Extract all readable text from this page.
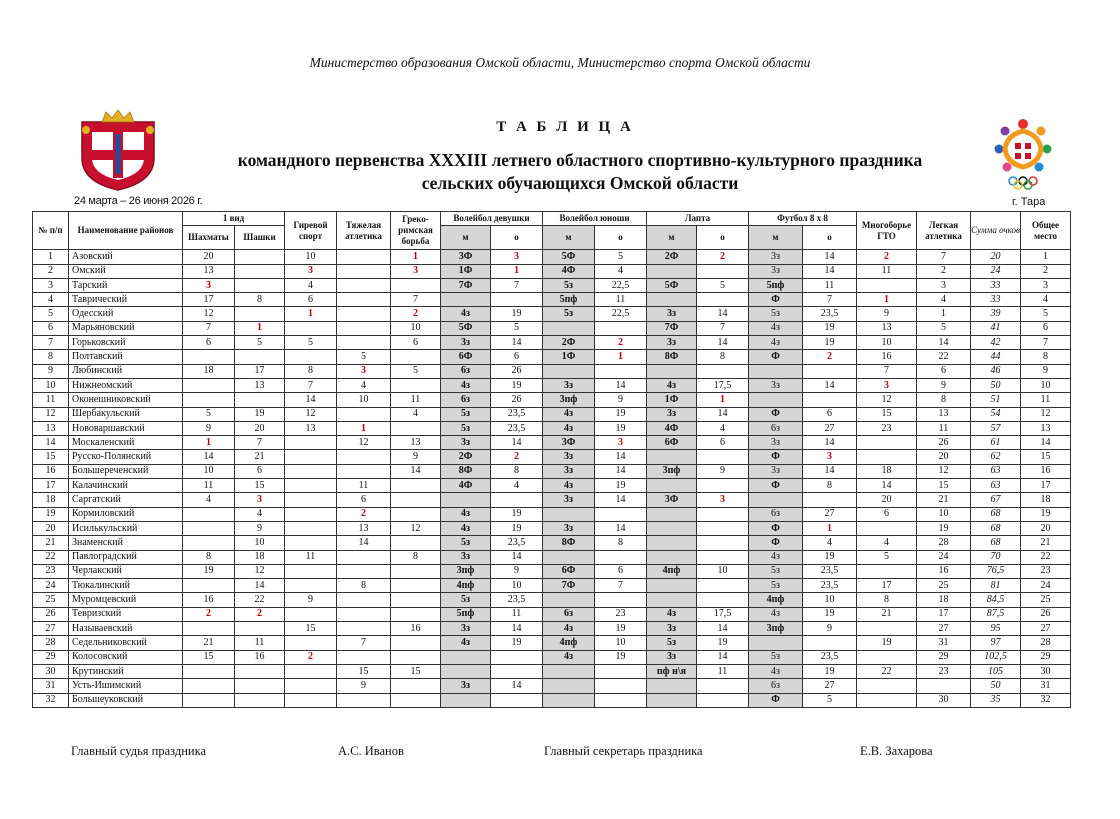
Министерство образования Омской области, Министерство спорта Омской области
Т А Б Л И Ц А
командного первенства XXXIII летнего областного спортивно-культурного праздника
сельских обучающихся Омской области
24 марта – 26 июня 2026 г.	г. Тара
№ п/п	Наименование районов	1 вид		Гиревой спорт	Тяжелая атлетика	Греко-римская борьба	Волейбол девушки		Волейбол юноши		Лапта		Футбол 8 х 8		Многоборье ГТО	Легкая атлетика	Сумма очков	Общее место
		Шахматы	Шашки				м	о	м	о	м	о	м	о				
1	Азовский	20		10		1	3Ф	3	5Ф	5	2Ф	2	3з	14	2	7	20	1
2	Омский	13		3		3	1Ф	1	4Ф	4			3з	14	11	2	24	2
3	Тарский	3		4			7Ф	7	5з	22,5	5Ф	5	5пф	11		3	33	3
4	Таврический	17	8	6		7			5пф	11			Ф	7	1	4	33	4
5	Одесский	12		1		2	4з	19	5з	22,5	3з	14	5з	23,5	9	1	39	5
6	Марьяновский	7	1			10	5Ф	5			7Ф	7	4з	19	13	5	41	6
7	Горьковский	6	5	5		6	3з	14	2Ф	2	3з	14	4з	19	10	14	42	7
8	Полтавский				5		6Ф	6	1Ф	1	8Ф	8	Ф	2	16	22	44	8
9	Любинский	18	17	8	3	5	6з	26							7	6	46	9
10	Нижнеомский		13	7	4		4з	19	3з	14	4з	17,5	3з	14	3	9	50	10
11	Оконешниковский			14	10	11	6з	26	3пф	9	1Ф	1			12	8	51	11
12	Шербакульский	5	19	12		4	5з	23,5	4з	19	3з	14	Ф	6	15	13	54	12
13	Нововаршавский	9	20	13	1		5з	23,5	4з	19	4Ф	4	6з	27	23	11	57	13
14	Москаленский	1	7		12	13	3з	14	3Ф	3	6Ф	6	3з	14		26	61	14
15	Русско-Полянский	14	21			9	2Ф	2	3з	14			Ф	3		20	62	15
16	Большереченский	10	6			14	8Ф	8	3з	14	3пф	9	3з	14	18	12	63	16
17	Калачинский	11	15		11		4Ф	4	4з	19			Ф	8	14	15	63	17
18	Саргатский	4	3		6				3з	14	3Ф	3			20	21	67	18
19	Кормиловский		4		2		4з	19					6з	27	6	10	68	19
20	Исилькульский		9		13	12	4з	19	3з	14			Ф	1		19	68	20
21	Знаменский		10		14		5з	23,5	8Ф	8			Ф	4	4	28	68	21
22	Павлоградский	8	18	11		8	3з	14					4з	19	5	24	70	22
23	Черлакский	19	12				3пф	9	6Ф	6	4пф	10	5з	23,5		16	76,5	23
24	Тюкалинский		14		8		4пф	10	7Ф	7			5з	23,5	17	25	81	24
25	Муромцевский	16	22	9			5з	23,5					4пф	10	8	18	84,5	25
26	Тевризский	2	2				5пф	11	6з	23	4з	17,5	4з	19	21	17	87,5	26
27	Называевский			15		16	3з	14	4з	19	3з	14	3пф	9		27	95	27
28	Седельниковский	21	11		7		4з	19	4пф	10	5з	19			19	31	97	28
29	Колосовский	15	16	2					4з	19	3з	14	5з	23,5		29	102,5	29
30	Крутинский				15	15					пф н\я	11	4з	19	22	23	105	30
31	Усть-Ишимский				9		3з	14					6з	27			50	31
32	Большеуковский												Ф	5		30	35	32
Главный судья праздника	А.С. Иванов	Главный секретарь праздника	Е.В. Захарова
